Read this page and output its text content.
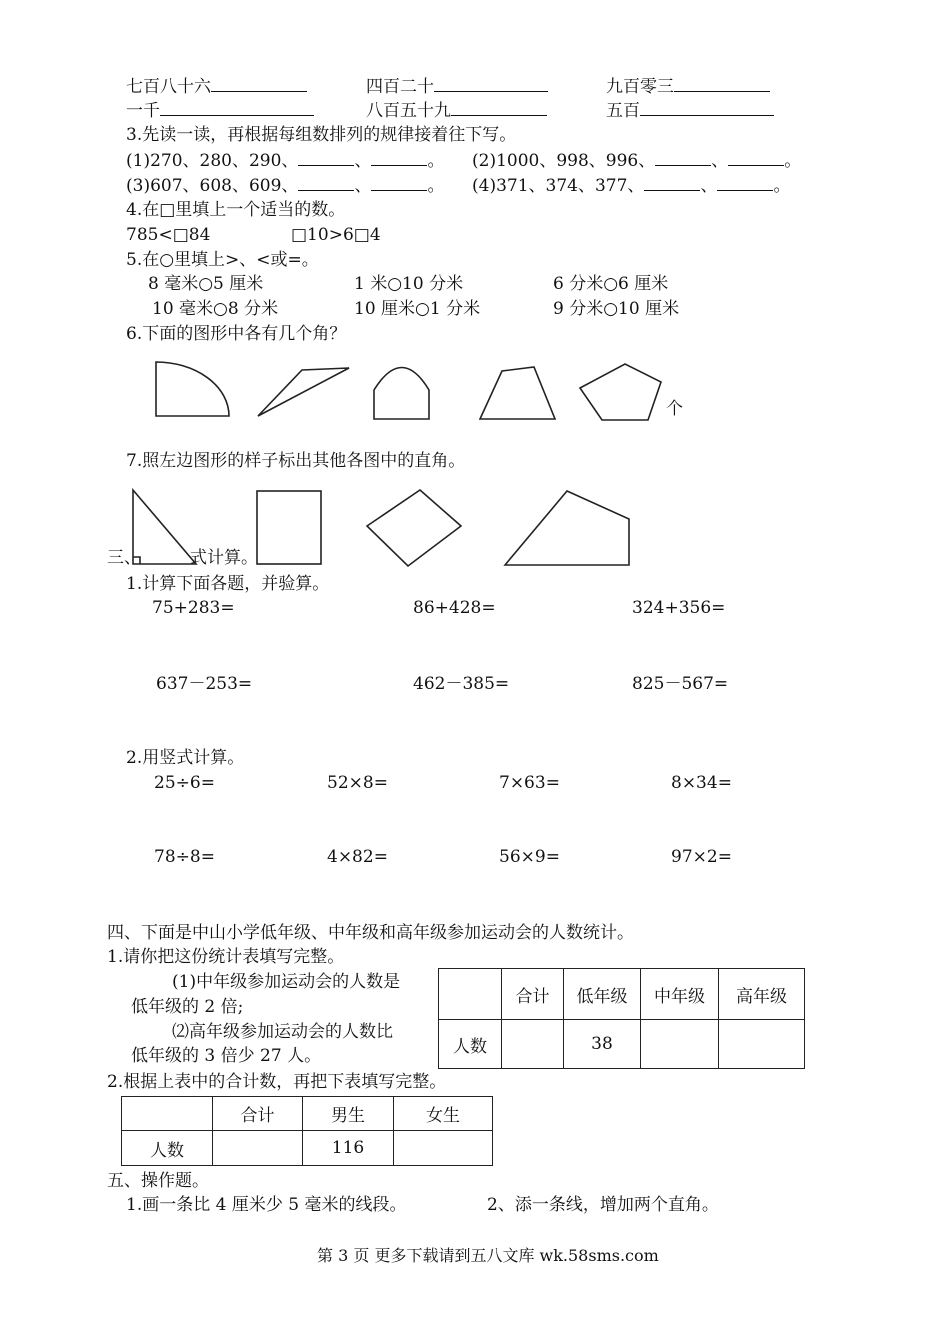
七百八十六	四百二十	九百零三
一千	八百五十九	五百
3.先读一读，再根据每组数排列的规律接着往下写。
(1)270、280、290、	、	。 (2)1000、998、996、	、	。
(3)607、608、609、	、	。 (4)371、374、377、	、	。
4.在□里填上一个适当的数。
785<□84	□10>6□4
5.在○里填上>、<或=。
8 毫米○5 厘米	1 米○10 分米	6 分米○6 厘米
10 毫米○8 分米	10 厘米○1 分米	9 分米○10 厘米
6.下面的图形中各有几个角？
个
7.照左边图形的样子标出其他各图中的直角。
三、	式计算。
1.计算下面各题，并验算。
75+283=	86+428=	324+356=
637－253=	462－385=	825－567=
2.用竖式计算。
25÷6=	52×8=	7×63=	8×34=
78÷8=	4×82=	56×9=	97×2=
四、下面是中山小学低年级、中年级和高年级参加运动会的人数统计。
1.请你把这份统计表填写完整。
(1)中年级参加运动会的人数是
低年级的 2 倍;
⑵高年级参加运动会的人数比
低年级的 3 倍少 27 人。
	合计	低年级	中年级	高年级
人数		38		
2.根据上表中的合计数，再把下表填写完整。
	合计	男生	女生
人数		116	
五、操作题。
1.画一条比 4 厘米少 5 毫米的线段。	2、添一条线，增加两个直角。
第 3 页 更多下载请到五八文库 wk.58sms.com
